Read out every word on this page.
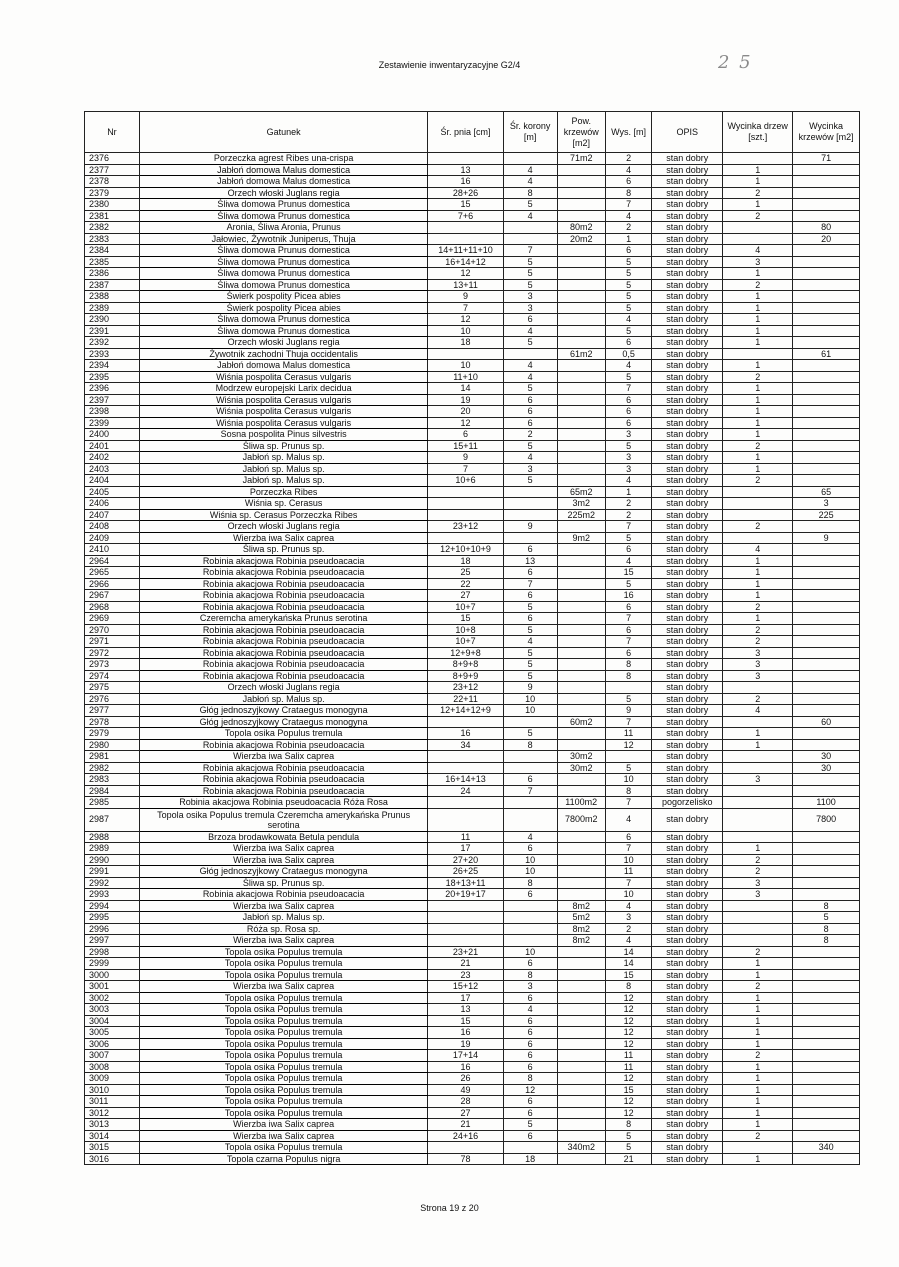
Zestawienie inwentaryzacyjne G2/4	2 5
Nr	Gatunek	Śr. pnia [cm]	Śr. korony [m]	Pow. krzewów [m2]	Wys. [m]	OPIS	Wycinka drzew [szt.]	Wycinka krzewów [m2]
2376	Porzeczka agrest Ribes una-crispa			71m2	2	stan dobry		71
2377	Jabłoń domowa Malus domestica	13	4		4	stan dobry	1	
2378	Jabłoń domowa Malus domestica	16	4		6	stan dobry	1	
2379	Orzech włoski Juglans regia	28+26	8		8	stan dobry	2	
2380	Śliwa domowa Prunus domestica	15	5		7	stan dobry	1	
2381	Śliwa domowa Prunus domestica	7+6	4		4	stan dobry	2	
2382	Aronia, Śliwa Aronia, Prunus			80m2	2	stan dobry		80
2383	Jałowiec, Żywotnik Juniperus, Thuja			20m2	1	stan dobry		20
2384	Śliwa domowa Prunus domestica	14+11+11+10	7		6	stan dobry	4	
2385	Śliwa domowa Prunus domestica	16+14+12	5		5	stan dobry	3	
2386	Śliwa domowa Prunus domestica	12	5		5	stan dobry	1	
2387	Śliwa domowa Prunus domestica	13+11	5		5	stan dobry	2	
2388	Świerk pospolity Picea abies	9	3		5	stan dobry	1	
2389	Świerk pospolity Picea abies	7	3		5	stan dobry	1	
2390	Śliwa domowa Prunus domestica	12	6		4	stan dobry	1	
2391	Śliwa domowa Prunus domestica	10	4		5	stan dobry	1	
2392	Orzech włoski Juglans regia	18	5		6	stan dobry	1	
2393	Żywotnik zachodni Thuja occidentalis			61m2	0,5	stan dobry		61
2394	Jabłoń domowa Malus domestica	10	4		4	stan dobry	1	
2395	Wiśnia pospolita Cerasus vulgaris	11+10	4		5	stan dobry	2	
2396	Modrzew europejski Larix decidua	14	5		7	stan dobry	1	
2397	Wiśnia pospolita Cerasus vulgaris	19	6		6	stan dobry	1	
2398	Wiśnia pospolita Cerasus vulgaris	20	6		6	stan dobry	1	
2399	Wiśnia pospolita Cerasus vulgaris	12	6		6	stan dobry	1	
2400	Sosna pospolita Pinus silvestris	6	2		3	stan dobry	1	
2401	Śliwa sp. Prunus sp.	15+11	5		5	stan dobry	2	
2402	Jabłoń sp. Malus sp.	9	4		3	stan dobry	1	
2403	Jabłoń sp. Malus sp.	7	3		3	stan dobry	1	
2404	Jabłoń sp. Malus sp.	10+6	5		4	stan dobry	2	
2405	Porzeczka Ribes			65m2	1	stan dobry		65
2406	Wiśnia sp. Cerasus			3m2	2	stan dobry		3
2407	Wiśnia sp. Cerasus Porzeczka Ribes			225m2	2	stan dobry		225
2408	Orzech włoski Juglans regia	23+12	9		7	stan dobry	2	
2409	Wierzba iwa Salix caprea			9m2	5	stan dobry		9
2410	Śliwa sp. Prunus sp.	12+10+10+9	6		6	stan dobry	4	
2964	Robinia akacjowa Robinia pseudoacacia	18	13		4	stan dobry	1	
2965	Robinia akacjowa Robinia pseudoacacia	25	6		15	stan dobry	1	
2966	Robinia akacjowa Robinia pseudoacacia	22	7		5	stan dobry	1	
2967	Robinia akacjowa Robinia pseudoacacia	27	6		16	stan dobry	1	
2968	Robinia akacjowa Robinia pseudoacacia	10+7	5		6	stan dobry	2	
2969	Czeremcha amerykańska Prunus serotina	15	6		7	stan dobry	1	
2970	Robinia akacjowa Robinia pseudoacacia	10+8	5		6	stan dobry	2	
2971	Robinia akacjowa Robinia pseudoacacia	10+7	4		7	stan dobry	2	
2972	Robinia akacjowa Robinia pseudoacacia	12+9+8	5		6	stan dobry	3	
2973	Robinia akacjowa Robinia pseudoacacia	8+9+8	5		8	stan dobry	3	
2974	Robinia akacjowa Robinia pseudoacacia	8+9+9	5		8	stan dobry	3	
2975	Orzech włoski Juglans regia	23+12	9			stan dobry		
2976	Jabłoń sp. Malus sp.	22+11	10		5	stan dobry	2	
2977	Głóg jednoszyjkowy Crataegus monogyna	12+14+12+9	10		9	stan dobry	4	
2978	Głóg jednoszyjkowy Crataegus monogyna			60m2	7	stan dobry		60
2979	Topola osika Populus tremula	16	5		11	stan dobry	1	
2980	Robinia akacjowa Robinia pseudoacacia	34	8		12	stan dobry	1	
2981	Wierzba iwa Salix caprea			30m2		stan dobry		30
2982	Robinia akacjowa Robinia pseudoacacia			30m2	5	stan dobry		30
2983	Robinia akacjowa Robinia pseudoacacia	16+14+13	6		10	stan dobry	3	
2984	Robinia akacjowa Robinia pseudoacacia	24	7		8	stan dobry		
2985	Robinia akacjowa Robinia pseudoacacia Róża Rosa			1100m2	7	pogorzelisko		1100
2987	Topola osika Populus tremula Czeremcha amerykańska Prunus serotina			7800m2	4	stan dobry		7800
2988	Brzoza brodawkowata Betula pendula	11	4		6	stan dobry		
2989	Wierzba iwa Salix caprea	17	6		7	stan dobry	1	
2990	Wierzba iwa Salix caprea	27+20	10		10	stan dobry	2	
2991	Głóg jednoszyjkowy Crataegus monogyna	26+25	10		11	stan dobry	2	
2992	Śliwa sp. Prunus sp.	18+13+11	8		7	stan dobry	3	
2993	Robinia akacjowa Robinia pseudoacacia	20+19+17	6		10	stan dobry	3	
2994	Wierzba iwa Salix caprea			8m2	4	stan dobry		8
2995	Jabłoń sp. Malus sp.			5m2	3	stan dobry		5
2996	Róża sp. Rosa sp.			8m2	2	stan dobry		8
2997	Wierzba iwa Salix caprea			8m2	4	stan dobry		8
2998	Topola osika Populus tremula	23+21	10		14	stan dobry	2	
2999	Topola osika Populus tremula	21	6		14	stan dobry	1	
3000	Topola osika Populus tremula	23	8		15	stan dobry	1	
3001	Wierzba iwa Salix caprea	15+12	3		8	stan dobry	2	
3002	Topola osika Populus tremula	17	6		12	stan dobry	1	
3003	Topola osika Populus tremula	13	4		12	stan dobry	1	
3004	Topola osika Populus tremula	15	6		12	stan dobry	1	
3005	Topola osika Populus tremula	16	6		12	stan dobry	1	
3006	Topola osika Populus tremula	19	6		12	stan dobry	1	
3007	Topola osika Populus tremula	17+14	6		11	stan dobry	2	
3008	Topola osika Populus tremula	16	6		11	stan dobry	1	
3009	Topola osika Populus tremula	26	8		12	stan dobry	1	
3010	Topola osika Populus tremula	49	12		15	stan dobry	1	
3011	Topola osika Populus tremula	28	6		12	stan dobry	1	
3012	Topola osika Populus tremula	27	6		12	stan dobry	1	
3013	Wierzba iwa Salix caprea	21	5		8	stan dobry	1	
3014	Wierzba iwa Salix caprea	24+16	6		5	stan dobry	2	
3015	Topola osika Populus tremula			340m2	5	stan dobry		340
3016	Topola czarna Populus nigra	78	18		21	stan dobry	1	
Strona 19 z 20
